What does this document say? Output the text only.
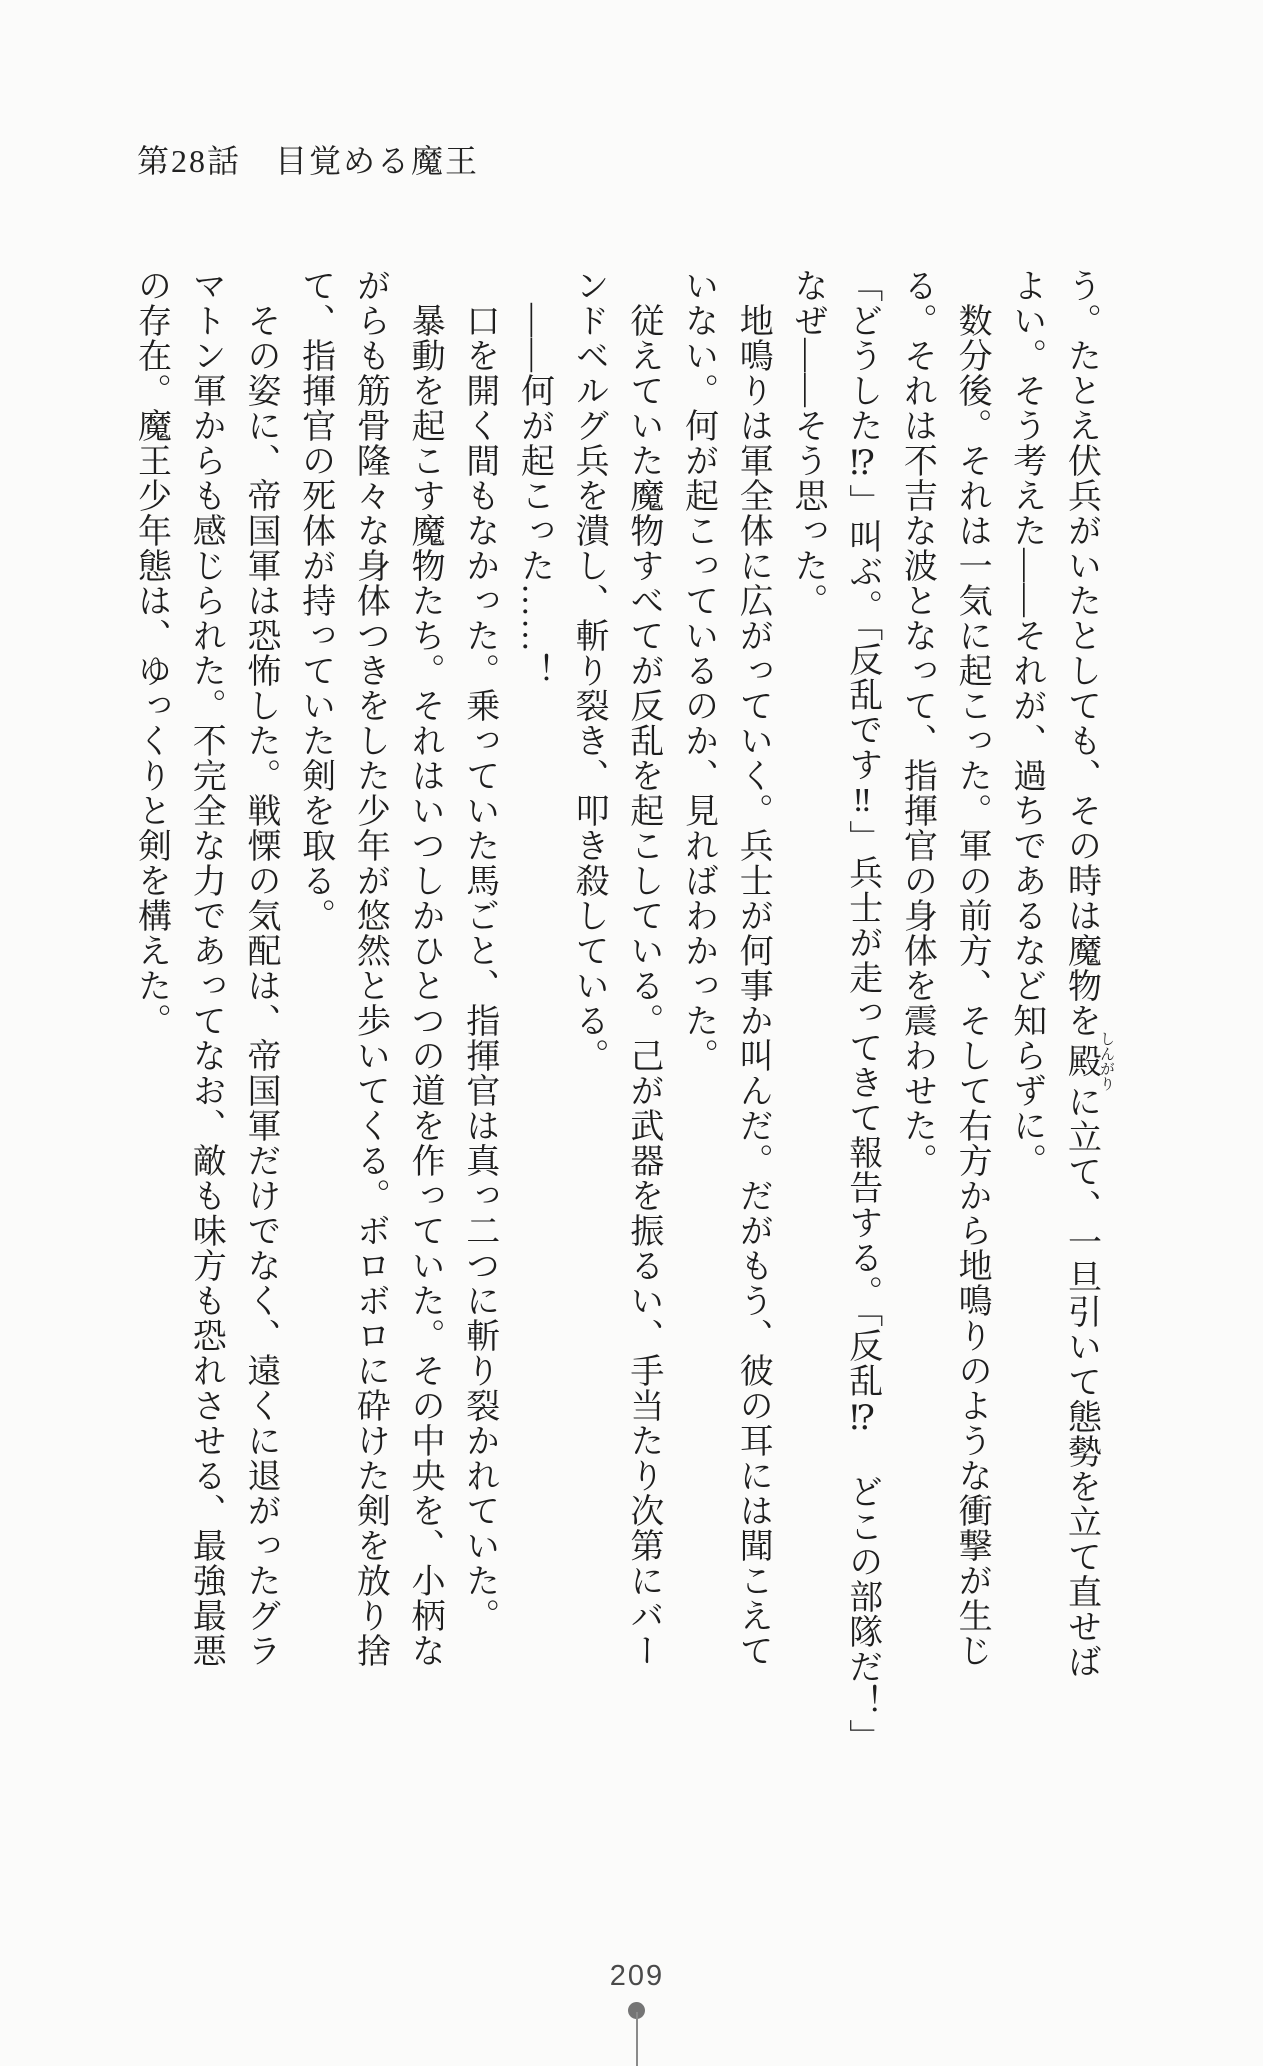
第28話　目覚める魔王
う。たとえ伏兵がいたとしても、その時は魔物を殿しんがりに立て、一旦引いて態勢を立て直せば
よい。そう考えた——それが、過ちであるなど知らずに。
数分後。それは一気に起こった。軍の前方、そして右方から地鳴りのような衝撃が生じ
る。それは不吉な波となって、指揮官の身体を震わせた。
「どうした⁉」叫ぶ。「反乱です‼」兵士が走ってきて報告する。「反乱⁉　どこの部隊だ！」
なぜ——そう思った。
地鳴りは軍全体に広がっていく。兵士が何事か叫んだ。だがもう、彼の耳には聞こえて
いない。何が起こっているのか、見ればわかった。
従えていた魔物すべてが反乱を起こしている。己が武器を振るい、手当たり次第にバー
ンドベルグ兵を潰し、斬り裂き、叩き殺している。
——何が起こった……！
口を開く間もなかった。乗っていた馬ごと、指揮官は真っ二つに斬り裂かれていた。
暴動を起こす魔物たち。それはいつしかひとつの道を作っていた。その中央を、小柄な
がらも筋骨隆々な身体つきをした少年が悠然と歩いてくる。ボロボロに砕けた剣を放り捨
て、指揮官の死体が持っていた剣を取る。
その姿に、帝国軍は恐怖した。戦慄の気配は、帝国軍だけでなく、遠くに退がったグラ
マトン軍からも感じられた。不完全な力であってなお、敵も味方も恐れさせる、最強最悪
の存在。魔王少年態は、ゆっくりと剣を構えた。
209
